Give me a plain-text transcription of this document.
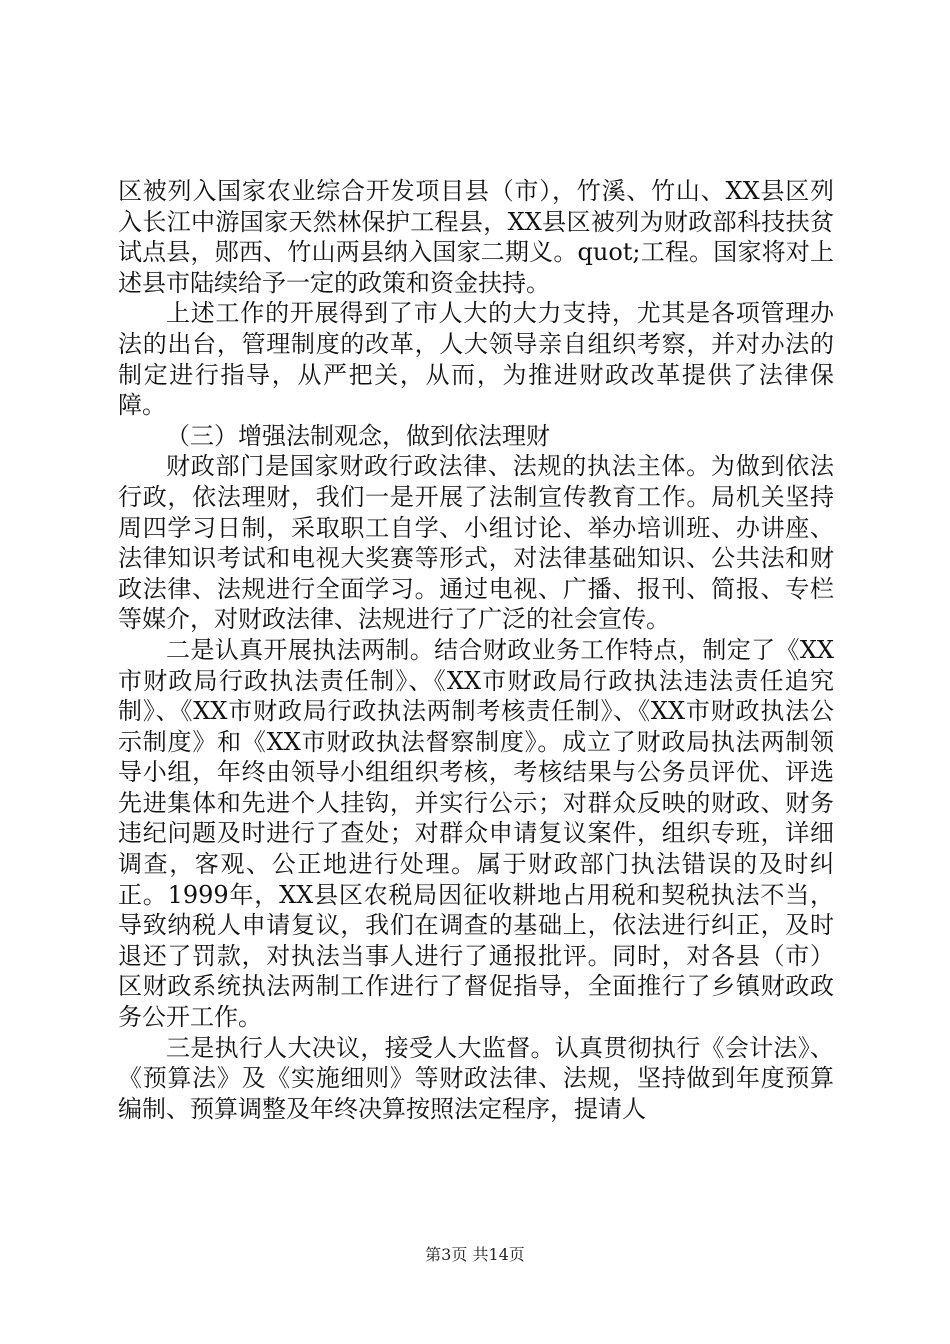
区被列入国家农业综合开发项目县（市），竹溪、竹山、XX县区列入长江中游国家天然林保护工程县，XX县区被列为财政部科技扶贫试点县，郧西、竹山两县纳入国家二期义。quot;工程。国家将对上述县市陆续给予一定的政策和资金扶持。

上述工作的开展得到了市人大的大力支持，尤其是各项管理办法的出台，管理制度的改革，人大领导亲自组织考察，并对办法的制定进行指导，从严把关，从而，为推进财政改革提供了法律保障。

（三）增强法制观念，做到依法理财

财政部门是国家财政行政法律、法规的执法主体。为做到依法行政，依法理财，我们一是开展了法制宣传教育工作。局机关坚持周四学习日制，采取职工自学、小组讨论、举办培训班、办讲座、法律知识考试和电视大奖赛等形式，对法律基础知识、公共法和财政法律、法规进行全面学习。通过电视、广播、报刊、简报、专栏等媒介，对财政法律、法规进行了广泛的社会宣传。

二是认真开展执法两制。结合财政业务工作特点，制定了《XX市财政局行政执法责任制》、《XX市财政局行政执法违法责任追究制》、《XX市财政局行政执法两制考核责任制》、《XX市财政执法公示制度》和《XX市财政执法督察制度》。成立了财政局执法两制领导小组，年终由领导小组组织考核，考核结果与公务员评优、评选先进集体和先进个人挂钩，并实行公示；对群众反映的财政、财务违纪问题及时进行了查处；对群众申请复议案件，组织专班，详细调查，客观、公正地进行处理。属于财政部门执法错误的及时纠正。1999年，XX县区农税局因征收耕地占用税和契税执法不当，导致纳税人申请复议，我们在调查的基础上，依法进行纠正，及时退还了罚款，对执法当事人进行了通报批评。同时，对各县（市）区财政系统执法两制工作进行了督促指导，全面推行了乡镇财政政务公开工作。

三是执行人大决议，接受人大监督。认真贯彻执行《会计法》、《预算法》及《实施细则》等财政法律、法规，坚持做到年度预算编制、预算调整及年终决算按照法定程序，提请人

第3页 共14页
